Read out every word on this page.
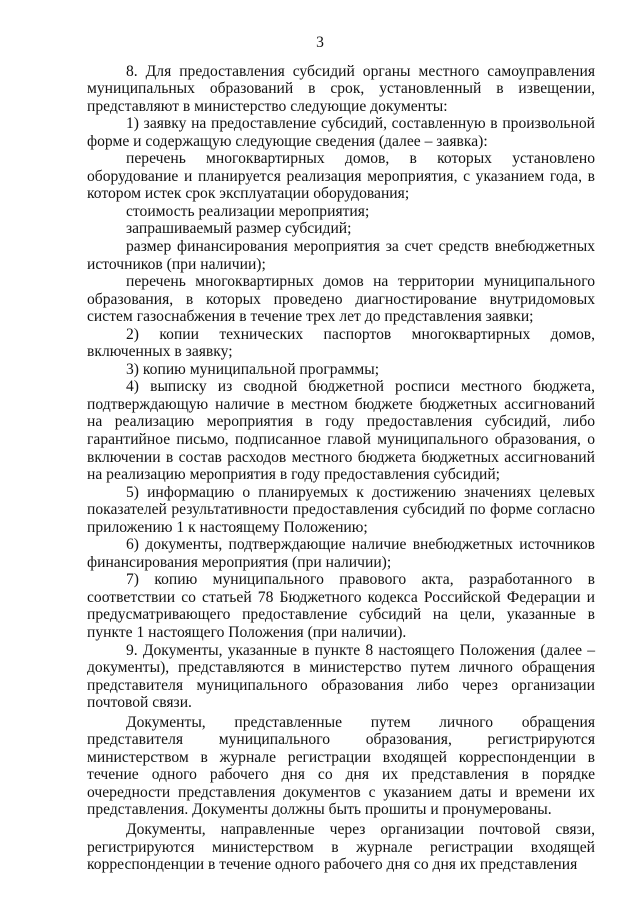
3

8. Для предоставления субсидий органы местного самоуправления муниципальных образований в срок, установленный в извещении, представляют в министерство следующие документы:

1) заявку на предоставление субсидий, составленную в произвольной форме и содержащую следующие сведения (далее – заявка):

перечень многоквартирных домов, в которых установлено оборудование и планируется реализация мероприятия, с указанием года, в котором истек срок эксплуатации оборудования;

стоимость реализации мероприятия;

запрашиваемый размер субсидий;

размер финансирования мероприятия за счет средств внебюджетных источников (при наличии);

перечень многоквартирных домов на территории муниципального образования, в которых проведено диагностирование внутридомовых систем газоснабжения в течение трех лет до представления заявки;

2) копии технических паспортов многоквартирных домов, включенных в заявку;

3) копию муниципальной программы;

4) выписку из сводной бюджетной росписи местного бюджета, подтверждающую наличие в местном бюджете бюджетных ассигнований на реализацию мероприятия в году предоставления субсидий, либо гарантийное письмо, подписанное главой муниципального образования, о включении в состав расходов местного бюджета бюджетных ассигнований на реализацию мероприятия в году предоставления субсидий;

5) информацию о планируемых к достижению значениях целевых показателей результативности предоставления субсидий по форме согласно приложению 1 к настоящему Положению;

6) документы, подтверждающие наличие внебюджетных источников финансирования мероприятия (при наличии);

7) копию муниципального правового акта, разработанного в соответствии со статьей 78 Бюджетного кодекса Российской Федерации и предусматривающего предоставление субсидий на цели, указанные в пункте 1 настоящего Положения (при наличии).

9. Документы, указанные в пункте 8 настоящего Положения (далее – документы), представляются в министерство путем личного обращения представителя муниципального образования либо через организации почтовой связи.

Документы, представленные путем личного обращения представителя муниципального образования, регистрируются министерством в журнале регистрации входящей корреспонденции в течение одного рабочего дня со дня их представления в порядке очередности представления документов с указанием даты и времени их представления. Документы должны быть прошиты и пронумерованы.

Документы, направленные через организации почтовой связи, регистрируются министерством в журнале регистрации входящей корреспонденции в течение одного рабочего дня со дня их представления
